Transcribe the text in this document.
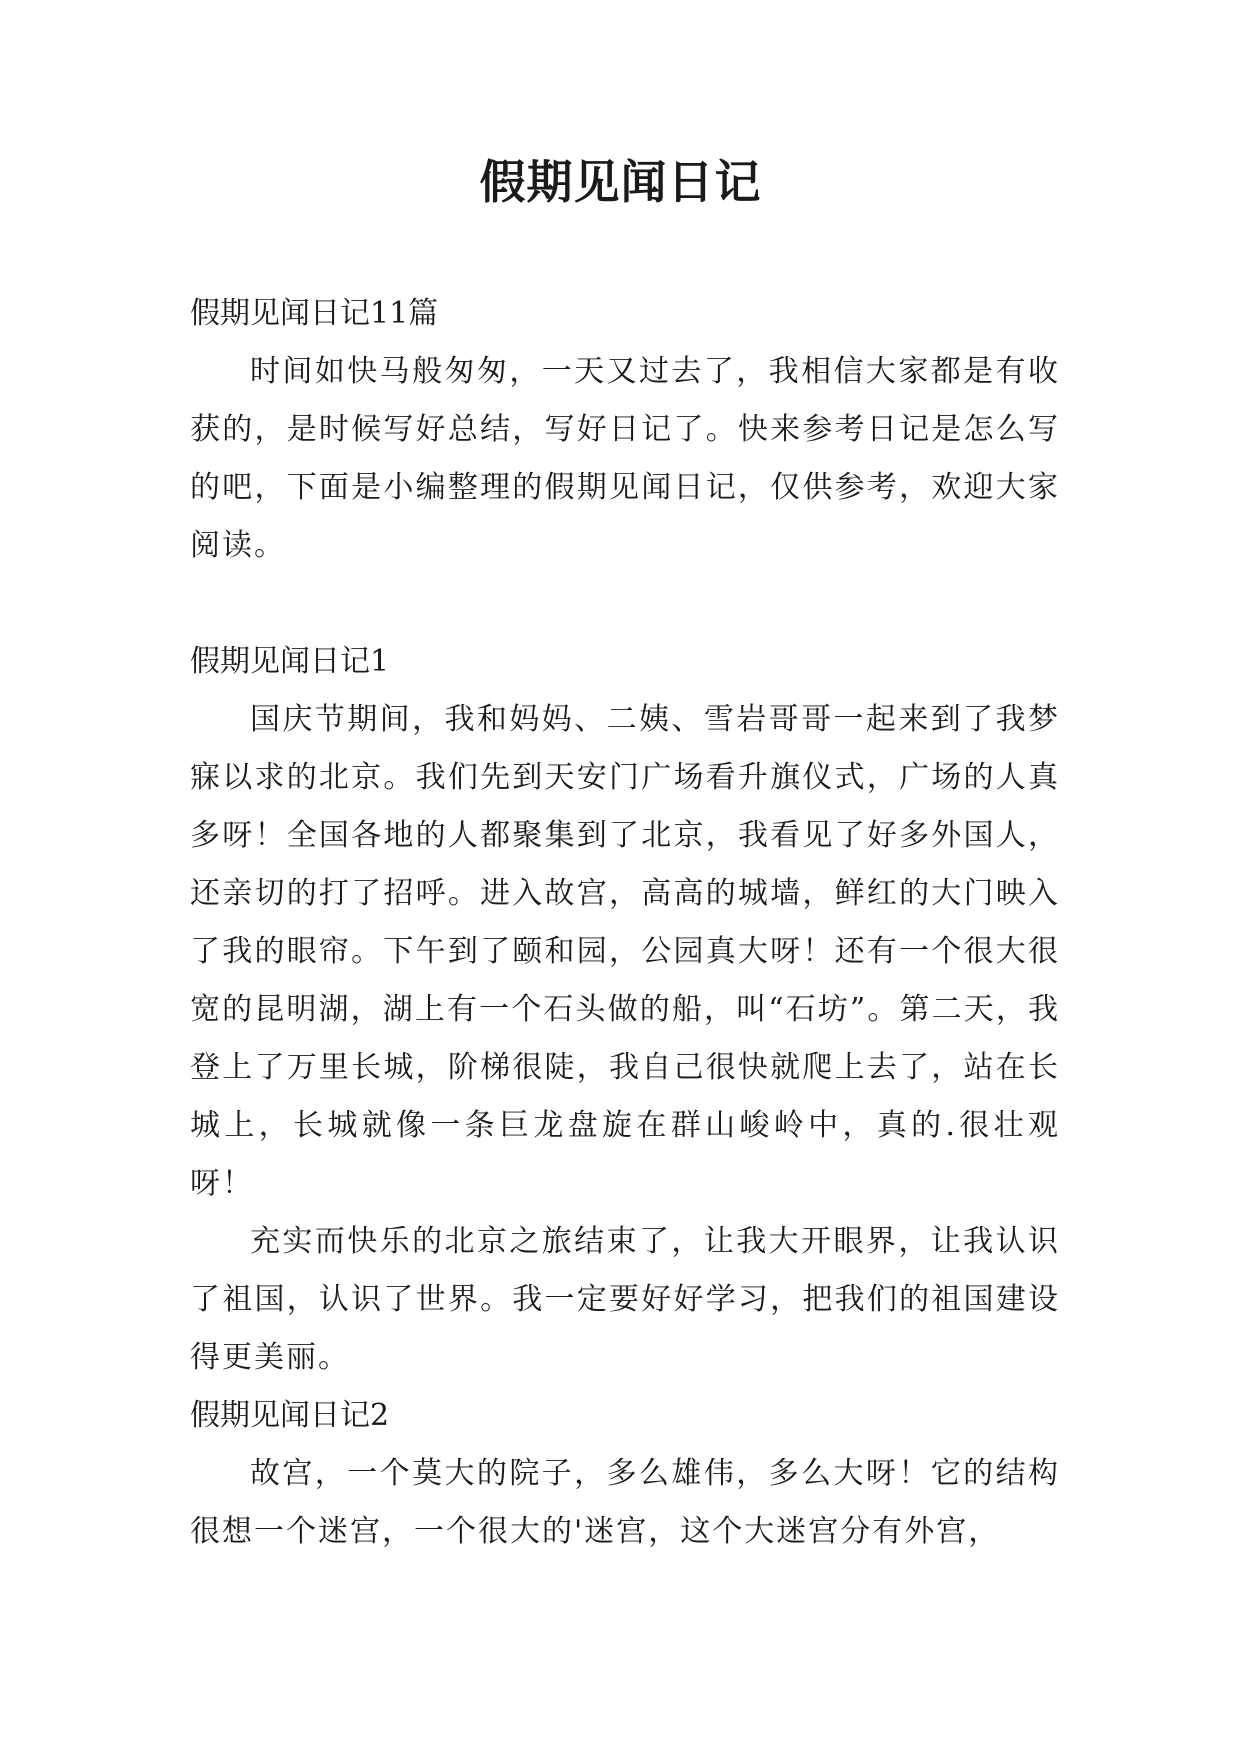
假期见闻日记

假期见闻日记11篇

时间如快马般匆匆，一天又过去了，我相信大家都是有收获的，是时候写好总结，写好日记了。快来参考日记是怎么写的吧，下面是小编整理的假期见闻日记，仅供参考，欢迎大家阅读。

假期见闻日记1

国庆节期间，我和妈妈、二姨、雪岩哥哥一起来到了我梦寐以求的北京。我们先到天安门广场看升旗仪式，广场的人真多呀！全国各地的人都聚集到了北京，我看见了好多外国人，还亲切的打了招呼。进入故宫，高高的城墙，鲜红的大门映入了我的眼帘。下午到了颐和园，公园真大呀！还有一个很大很宽的昆明湖，湖上有一个石头做的船，叫“石坊”。第二天，我登上了万里长城，阶梯很陡，我自己很快就爬上去了，站在长城上，长城就像一条巨龙盘旋在群山峻岭中，真的.很壮观呀！

充实而快乐的北京之旅结束了，让我大开眼界，让我认识了祖国，认识了世界。我一定要好好学习，把我们的祖国建设得更美丽。

假期见闻日记2

故宫，一个莫大的院子，多么雄伟，多么大呀！它的结构很想一个迷宫，一个很大的'迷宫，这个大迷宫分有外宫，
